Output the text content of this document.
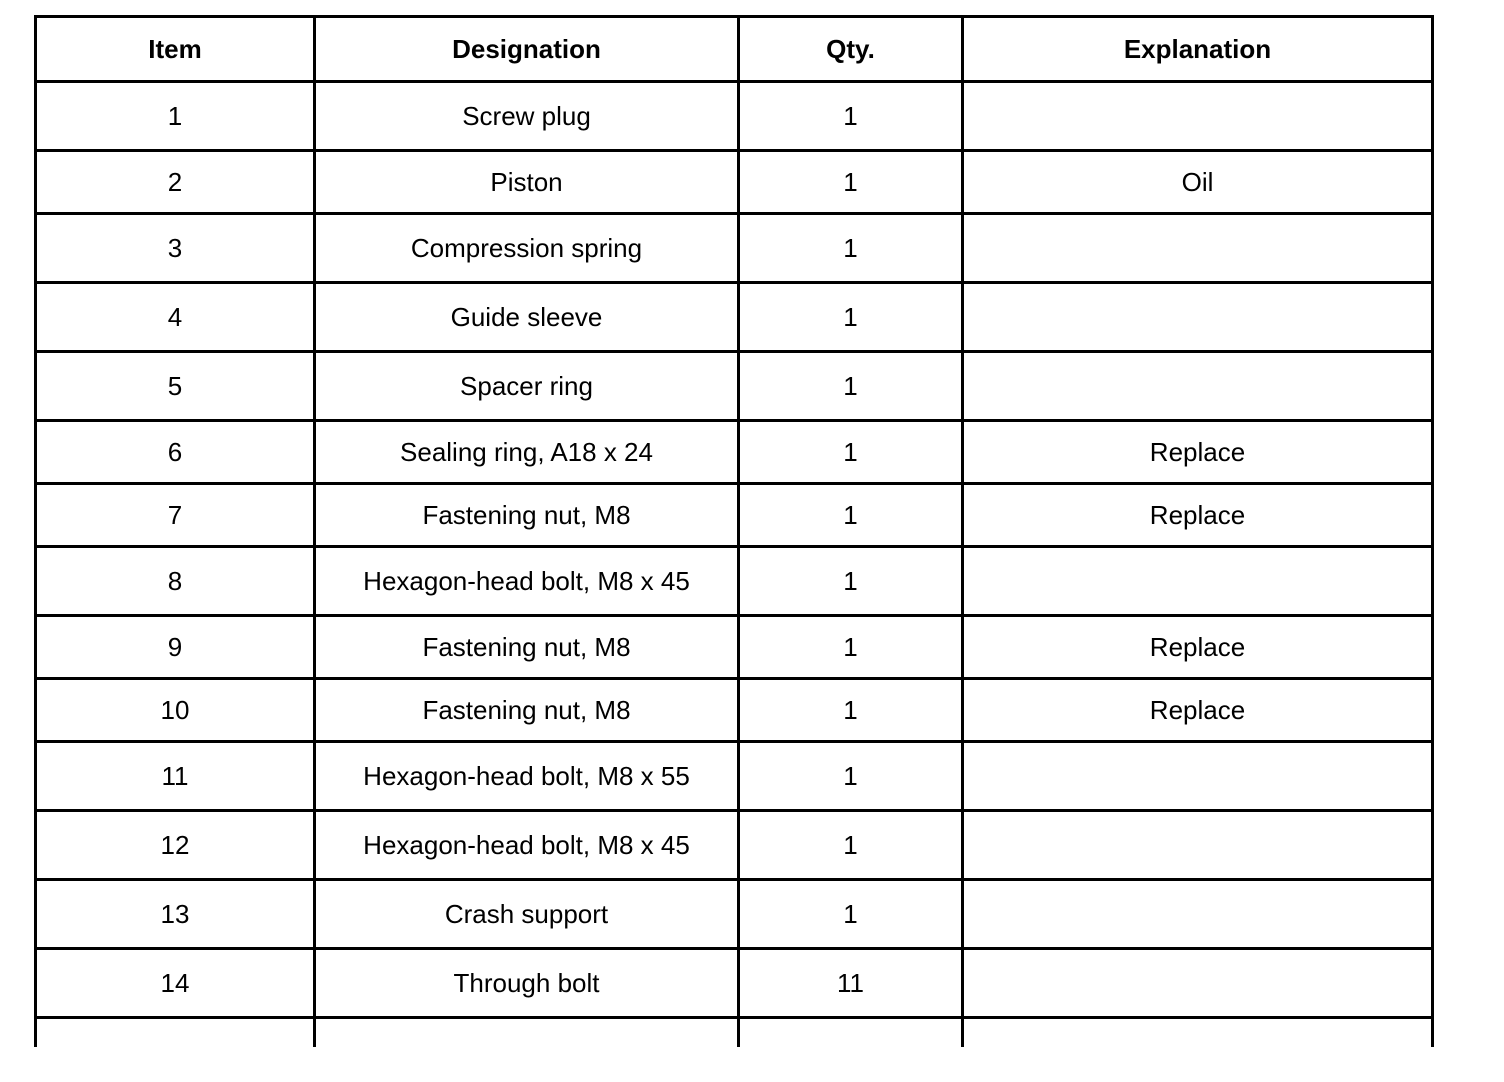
Item	Designation	Qty.	Explanation
1	Screw plug	1	
2	Piston	1	Oil
3	Compression spring	1	
4	Guide sleeve	1	
5	Spacer ring	1	
6	Sealing ring, A18 x 24	1	Replace
7	Fastening nut, M8	1	Replace
8	Hexagon-head bolt, M8 x 45	1	
9	Fastening nut, M8	1	Replace
10	Fastening nut, M8	1	Replace
11	Hexagon-head bolt, M8 x 55	1	
12	Hexagon-head bolt, M8 x 45	1	
13	Crash support	1	
14	Through bolt	11	
